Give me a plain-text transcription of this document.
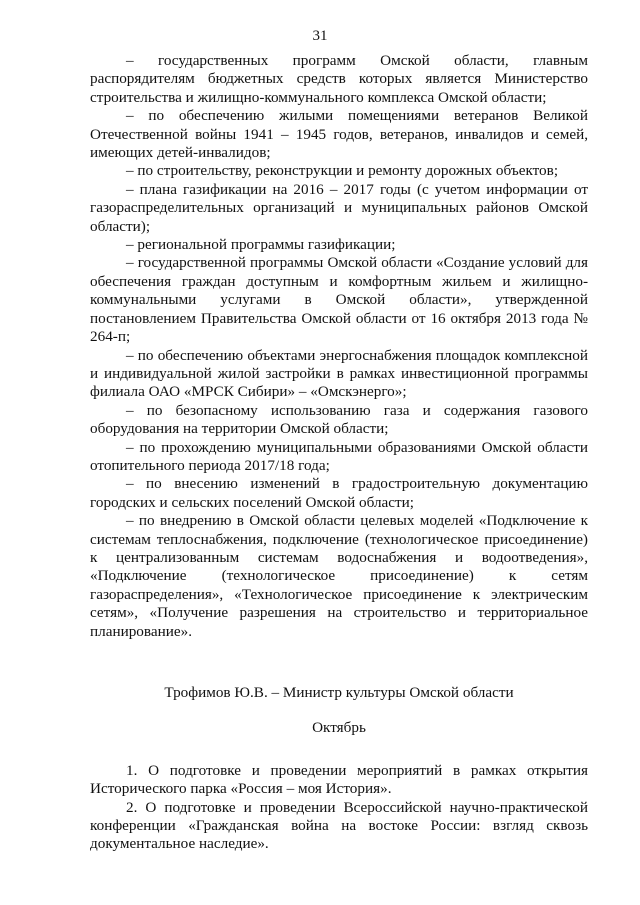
31

– государственных программ Омской области, главным распорядителям бюджетных средств которых является Министерство строительства и жилищно-коммунального комплекса Омской области;

– по обеспечению жилыми помещениями ветеранов Великой Отечественной войны 1941 – 1945 годов, ветеранов, инвалидов и семей, имеющих детей-инвалидов;

– по строительству, реконструкции и ремонту дорожных объектов;

– плана газификации на 2016 – 2017 годы (с учетом информации от газораспределительных организаций и муниципальных районов Омской области);

– региональной программы газификации;

– государственной программы Омской области «Создание условий для обеспечения граждан доступным и комфортным жильем и жилищно-коммунальными услугами в Омской области», утвержденной постановлением Правительства Омской области от 16 октября 2013 года № 264-п;

– по обеспечению объектами энергоснабжения площадок комплексной и индивидуальной жилой застройки в рамках инвестиционной программы филиала ОАО «МРСК Сибири» – «Омскэнерго»;

– по безопасному использованию газа и содержания газового оборудования на территории Омской области;

– по прохождению муниципальными образованиями Омской области отопительного периода 2017/18 года;

– по внесению изменений в градостроительную документацию городских и сельских поселений Омской области;

– по внедрению в Омской области целевых моделей «Подключение к системам теплоснабжения, подключение (технологическое присоединение) к централизованным системам водоснабжения и водоотведения», «Подключение (технологическое присоединение) к сетям газораспределения», «Технологическое присоединение к электрическим сетям», «Получение разрешения на строительство и территориальное планирование».

Трофимов Ю.В. – Министр культуры Омской области

Октябрь

1. О подготовке и проведении мероприятий в рамках открытия Исторического парка «Россия – моя История».

2. О подготовке и проведении Всероссийской научно-практической конференции «Гражданская война на востоке России: взгляд сквозь документальное наследие».
